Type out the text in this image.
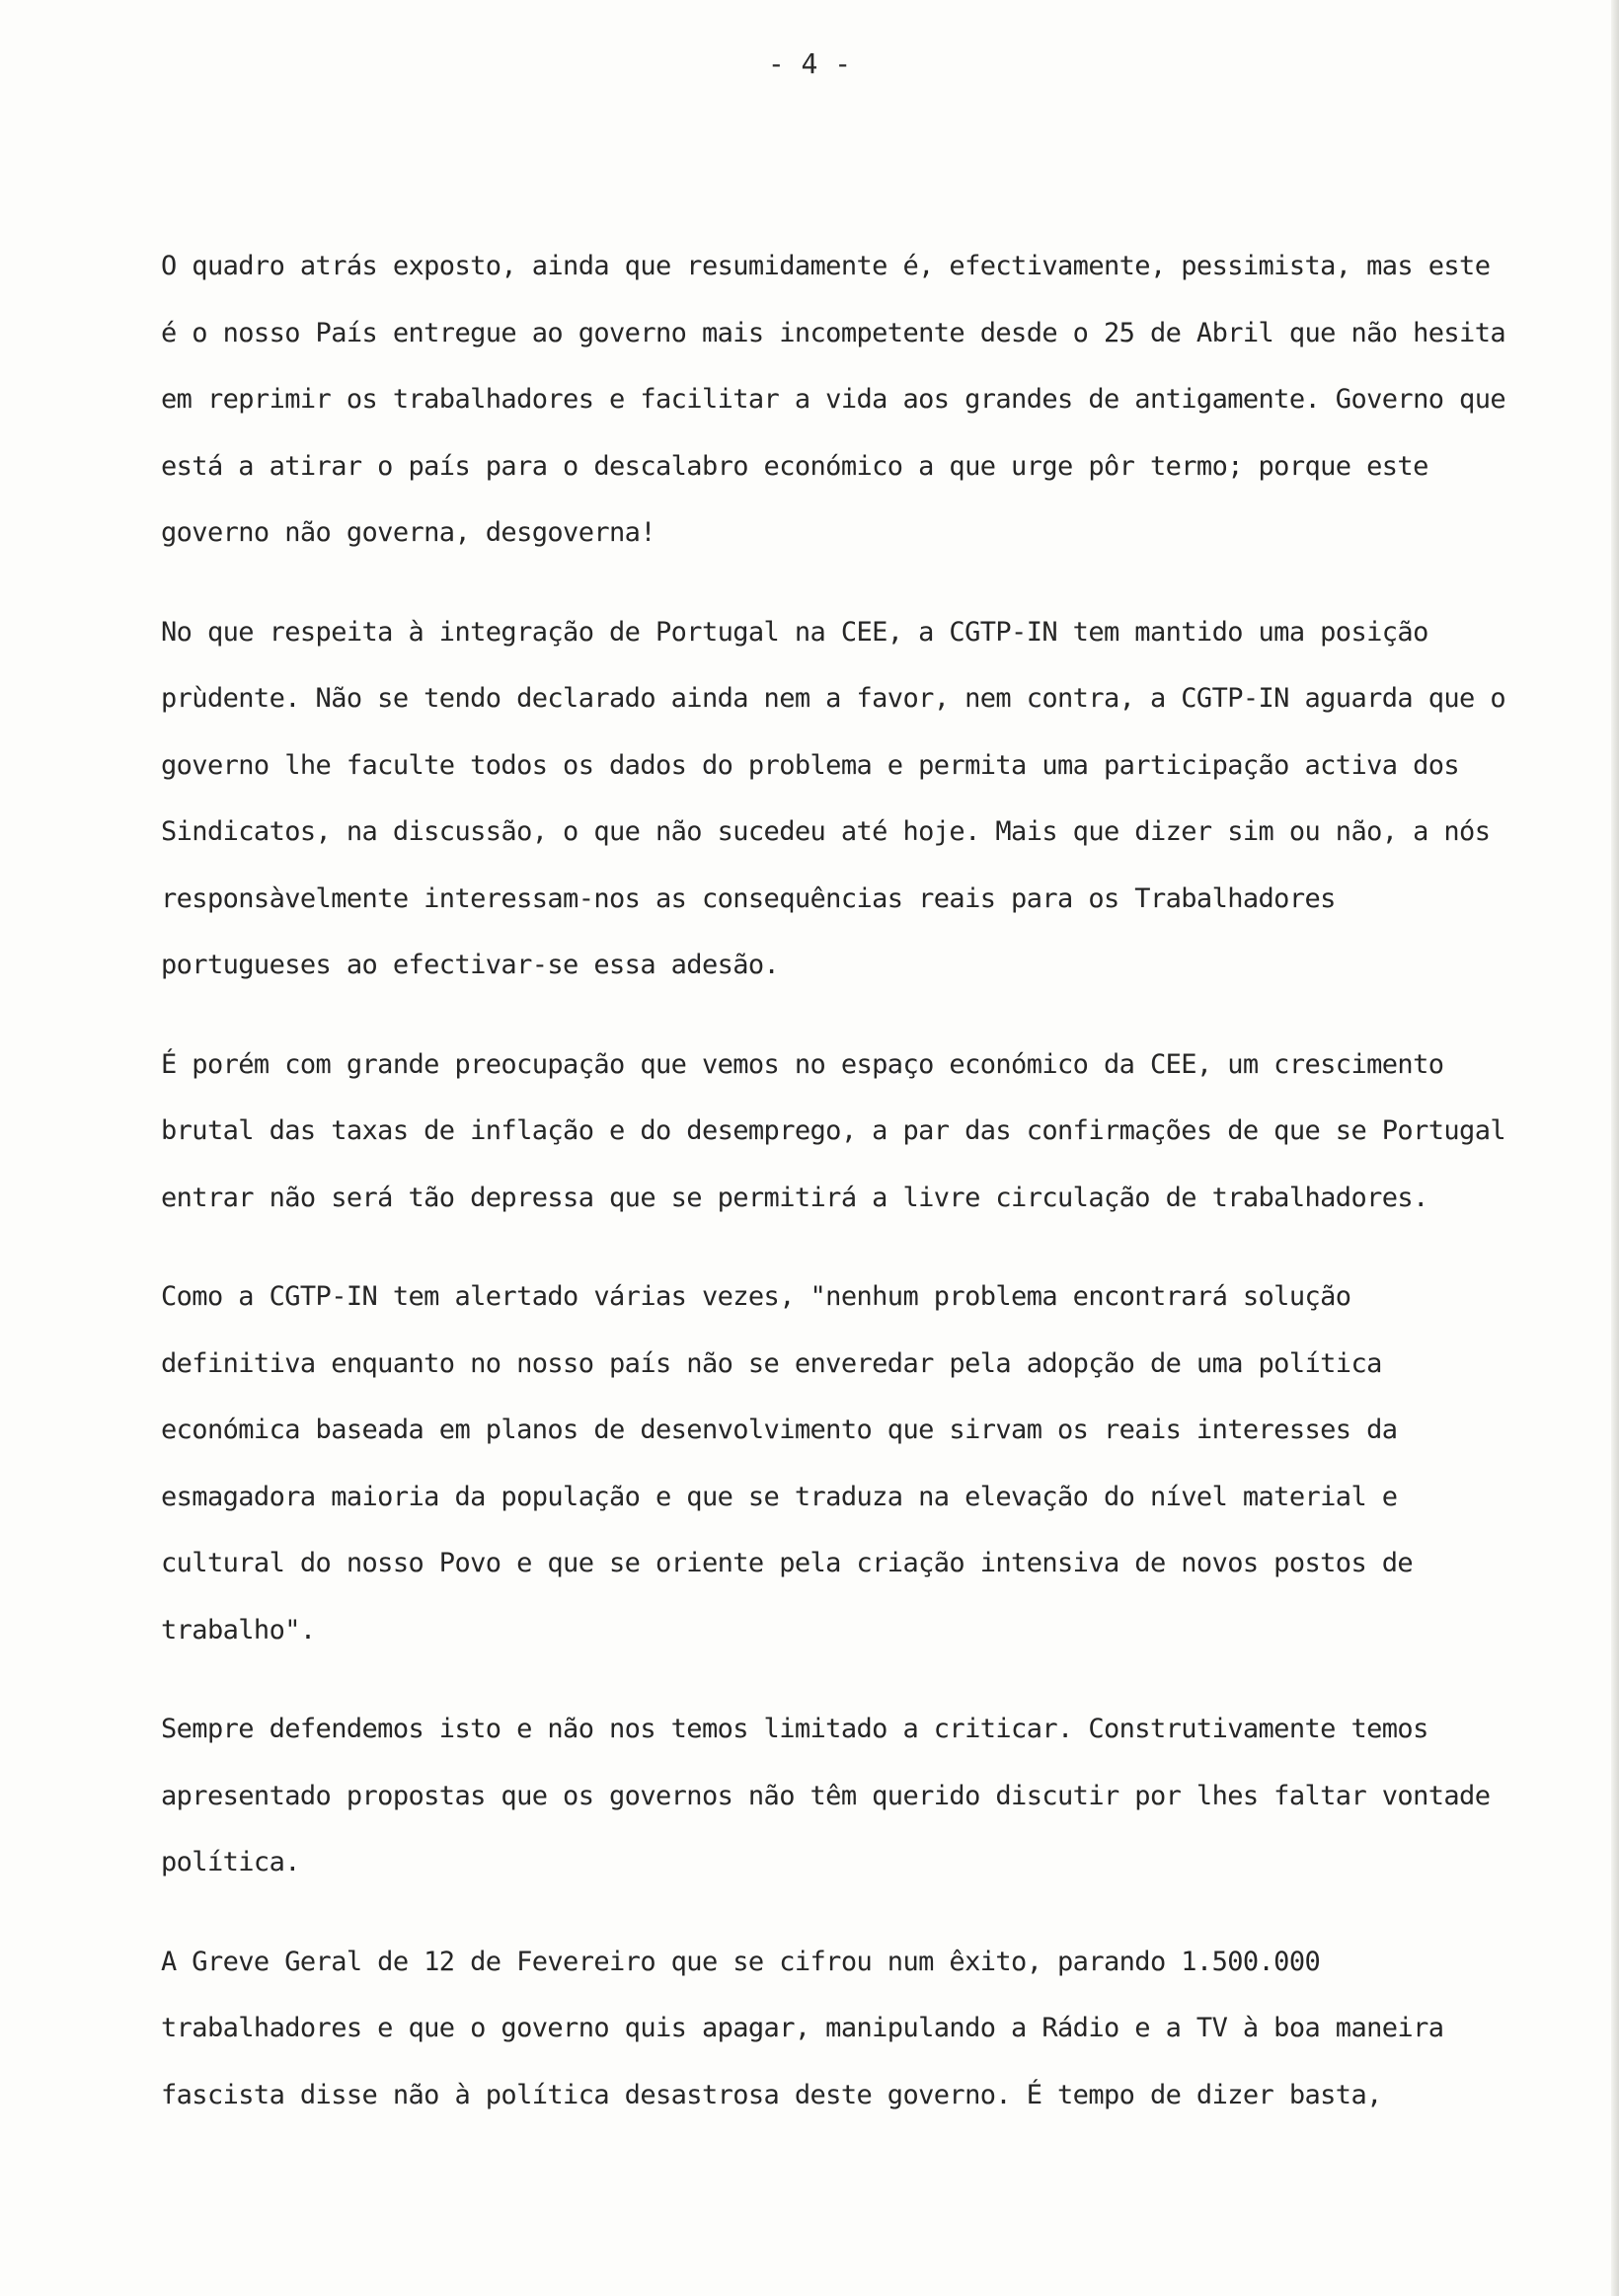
- 4 -

O quadro atrás exposto, ainda que resumidamente é, efectivamente, pessimista, mas este é o nosso País entregue ao governo mais incompetente desde o 25 de Abril que não hesita em reprimir os trabalhadores e facilitar a vida aos grandes de antigamente. Governo que está a atirar o país para o descalabro económico a que urge pôr termo; porque este governo não governa, desgoverna!

No que respeita à integração de Portugal na CEE, a CGTP-IN tem mantido uma posição prùdente. Não se tendo declarado ainda nem a favor, nem contra, a CGTP-IN aguarda que o governo lhe faculte todos os dados do problema e permita uma participação activa dos Sindicatos, na discussão, o que não sucedeu até hoje. Mais que dizer sim ou não, a nós responsàvelmente interessam-nos as consequências reais para os Trabalhadores portugueses ao efectivar-se essa adesão.

É porém com grande preocupação que vemos no espaço económico da CEE, um crescimento brutal das taxas de inflação e do desemprego, a par das confirmações de que se Portugal entrar não será tão depressa que se permitirá a livre circulação de trabalhadores.

Como a CGTP-IN tem alertado várias vezes, "nenhum problema encontrará solução definitiva enquanto no nosso país não se enveredar pela adopção de uma política económica baseada em planos de desenvolvimento que sirvam os reais interesses da esmagadora maioria da população e que se traduza na elevação do nível material e cultural do nosso Povo e que se oriente pela criação intensiva de novos postos de trabalho".

Sempre defendemos isto e não nos temos limitado a criticar. Construtivamente temos apresentado propostas que os governos não têm querido discutir por lhes faltar vontade política.

A Greve Geral de 12 de Fevereiro que se cifrou num êxito, parando 1.500.000 trabalhadores e que o governo quis apagar, manipulando a Rádio e a TV à boa maneira fascista disse não à política desastrosa deste governo. É tempo de dizer basta,
